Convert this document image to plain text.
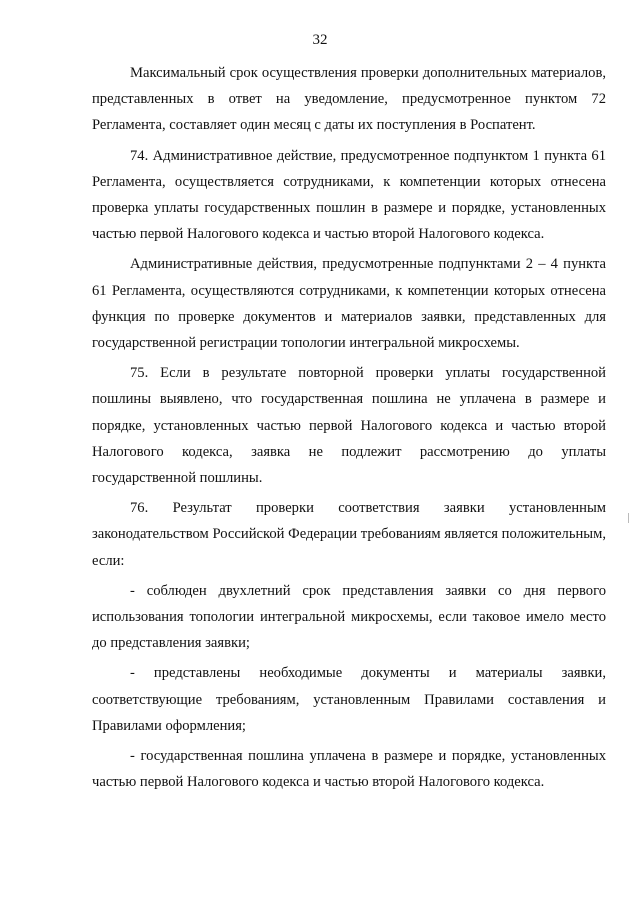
32

Максимальный срок осуществления проверки дополнительных материалов, представленных в ответ на уведомление, предусмотренное пунктом 72 Регламента, составляет один месяц с даты их поступления в Роспатент.

74. Административное действие, предусмотренное подпунктом 1 пункта 61 Регламента, осуществляется сотрудниками, к компетенции которых отнесена проверка уплаты государственных пошлин в размере и порядке, установленных частью первой Налогового кодекса и частью второй Налогового кодекса.

Административные действия, предусмотренные подпунктами 2 – 4 пункта 61 Регламента, осуществляются сотрудниками, к компетенции которых отнесена функция по проверке документов и материалов заявки, представленных для государственной регистрации топологии интегральной микросхемы.

75. Если в результате повторной проверки уплаты государственной пошлины выявлено, что государственная пошлина не уплачена в размере и порядке, установленных частью первой Налогового кодекса и частью второй Налогового кодекса, заявка не подлежит рассмотрению до уплаты государственной пошлины.

76. Результат проверки соответствия заявки установленным законодательством Российской Федерации требованиям является положительным, если:

- соблюден двухлетний срок представления заявки со дня первого использования топологии интегральной микросхемы, если таковое имело место до представления заявки;

- представлены необходимые документы и материалы заявки, соответствующие требованиям, установленным Правилами составления и Правилами оформления;

- государственная пошлина уплачена в размере и порядке, установленных частью первой Налогового кодекса и частью второй Налогового кодекса.
